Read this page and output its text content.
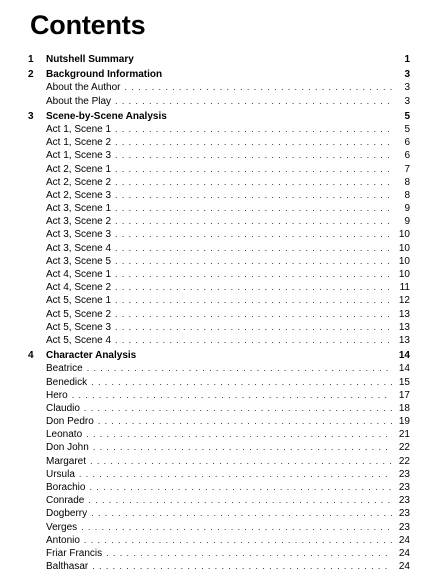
Contents
1	Nutshell Summary	1
2	Background Information	3
About the Author . . .	3
About the Play . . .	3
3	Scene-by-Scene Analysis	5
Act 1, Scene 1 . . .	5
Act 1, Scene 2 . . .	6
Act 1, Scene 3 . . .	6
Act 2, Scene 1 . . .	7
Act 2, Scene 2 . . .	8
Act 2, Scene 3 . . .	8
Act 3, Scene 1 . . .	9
Act 3, Scene 2 . . .	9
Act 3, Scene 3 . . .	10
Act 3, Scene 4 . . .	10
Act 3, Scene 5 . . .	10
Act 4, Scene 1 . . .	10
Act 4, Scene 2 . . .	11
Act 5, Scene 1 . . .	12
Act 5, Scene 2 . . .	13
Act 5, Scene 3 . . .	13
Act 5, Scene 4 . . .	13
4	Character Analysis	14
Beatrice . . .	14
Benedick . . .	15
Hero . . .	17
Claudio . . .	18
Don Pedro . . .	19
Leonato . . .	21
Don John . . .	22
Margaret . . .	22
Ursula . . .	23
Borachio . . .	23
Conrade . . .	23
Dogberry . . .	23
Verges . . .	23
Antonio . . .	24
Friar Francis . . .	24
Balthasar . . .	24
